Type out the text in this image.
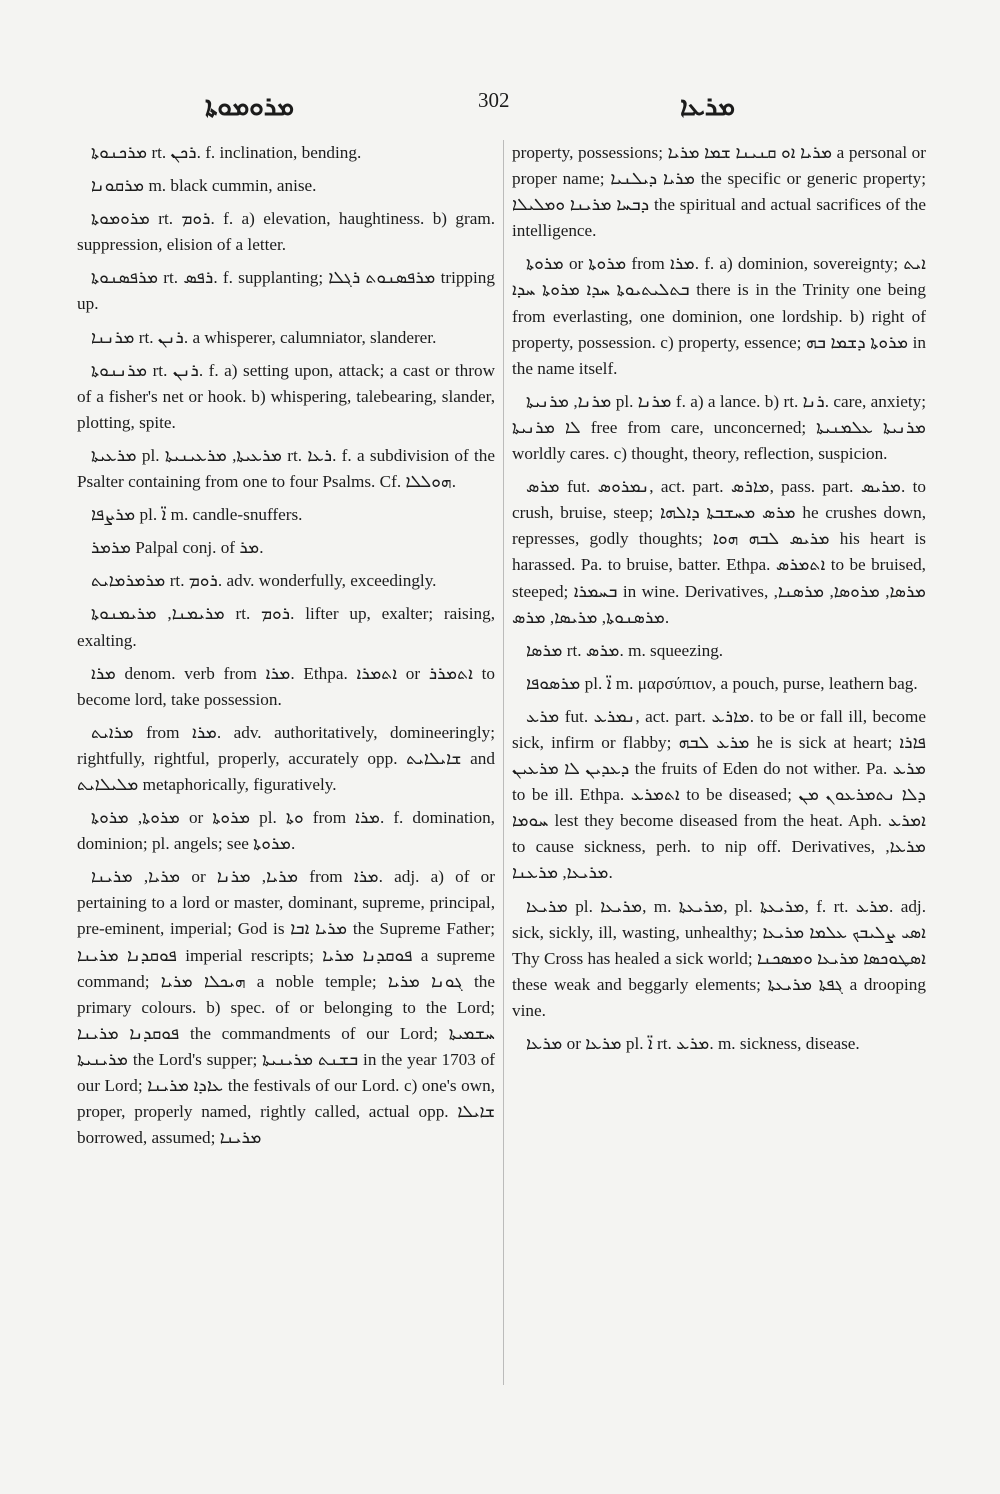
ܡܪܘܡܘܬܐ	302	ܡܪܥܐ

ܡܪܟܢܘܬܐ rt. ܪܟܢ. f. inclination, bending.

ܡܪܩܘܢܐ m. black cummin, anise.

ܡܪܘܡܘܬܐ rt. ܪܘܡ. f. a) elevation, haughtiness. b) gram. suppression, elision of a letter.

ܡܪܦܣܢܘܬܐ rt. ܪܦܣ. f. supplanting; ܡܪܦܣܢܘܬ ܪܓܠܐ tripping up.

ܡܪܢܢܐ rt. ܪܢܢ. a whisperer, calumniator, slanderer.

ܡܪܢܢܘܬܐ rt. ܪܢܢ. f. a) setting upon, attack; a cast or throw of a fisher's net or hook. b) whispering, talebearing, slander, plotting, spite.

ܡܪܥܝܬܐ pl. ܡܪܥܝܬܐ, ܡܪܥܝܢܝܬܐ rt. ܪܥܐ. f. a subdivision of the Psalter containing from one to four Psalms. Cf. ܗܘܠܠܐ.

ܡܪܨܦܐ pl. ܐ̈ m. candle-snuffers.

ܡܪܡܪ Palpal conj. of ܡܪ.

ܡܪܡܪܡܐܝܬ rt. ܪܘܡ. adv. wonderfully, exceedingly.

ܡܪܝܡܢܐ, ܡܪܝܡܢܘܬܐ rt. ܪܘܡ. lifter up, exalter; raising, exalting.

ܡܪܐ denom. verb from ܡܪܐ. Ethpa. ܐܬܡܪܐ or ܐܬܡܪܪ to become lord, take possession.

ܡܪܐܝܬ from ܡܪܐ. adv. authoritatively, domineeringly; rightfully, rightful, properly, accurately opp. ܫܐܝܠܐܝܬ and ܡܠܝܠܐܝܬ metaphorically, figuratively.

ܡܪܘܬܐ, ܡܪܘܬܐ or ܡܪܘܬܐ pl. ܘܬܐ from ܡܪܐ. f. domination, dominion; pl. angels; see ܡܪܘܬܐ.

ܡܪܝܐ, ܡܪܝܢܐ or ܡܪܝܐ, ܡܪܢܐ from ܡܪܐ. adj. a) of or pertaining to a lord or master, dominant, supreme, principal, pre-eminent, imperial; God is ܡܪܝܐ ܐܒܐ the Supreme Father; ܦܘܩܕܢܐ ܡܪܝܢܐ imperial rescripts; ܦܘܩܕܢܐ ܡܪܝܐ a supreme command; ܗܝܟܠܐ ܡܪܝܐ a noble temple; ܓܘܢܐ ܡܪܝܐ the primary colours. b) spec. of or belonging to the Lord; ܦܘܩܕܢܐ ܡܪܝܢܐ the commandments of our Lord; ܚܫܡܝܬܐ ܡܪܝܢܝܬܐ the Lord's supper; ܒܫܢܬ ܡܪܝܢܝܬܐ in the year 1703 of our Lord; ܥܐܕܐ ܡܪܝܢܐ the festivals of our Lord. c) one's own, proper, properly named, rightly called, actual opp. ܫܐܝܠܐ borrowed, assumed; ܡܪܝܢܐ

property, possessions; ܡܪܝܐ ܐܘ ܩܢܝܢܐ ܫܡܐ ܡܪܝܐ a personal or proper name; ܡܪܝܐ ܕܝܠܢܝܐ the specific or generic property; ܕܒܚܐ ܡܪܝܢܐ ܘܡܠܝܠܐ the spiritual and actual sacrifices of the intelligence.

ܡܪܘܬܐ or ܡܪܘܬܐ from ܡܪܐ. f. a) dominion, sovereignty; ܐܝܬ ܒܬܠܝܬܝܘܬܐ ܚܕܐ ܡܪܘܬܐ ܚܕܐ there is in the Trinity one being from everlasting, one dominion, one lordship. b) right of property, possession. c) property, essence; ܡܪܘܬܐ ܕܫܡܐ ܒܗ in the name itself.

ܡܪܢܐ, ܡܪܢܝܬܐ pl. ܡܪܢܐ f. a) a lance. b) rt. ܪܢܐ. care, anxiety; ܠܐ ܡܪܢܝܬܐ free from care, unconcerned; ܡܪܢܝܬܐ ܥܠܡܢܝܬܐ worldly cares. c) thought, theory, reflection, suspicion.

ܡܪܣ fut. ܢܡܪܘܣ, act. part. ܡܐܪܣ, pass. part. ܡܪܝܣ. to crush, bruise, steep; ܡܪܣ ܡܚܫܒܬܐ ܕܐܠܗܐ he crushes down, represses, godly thoughts; ܡܪܝܣ ܠܒܗ ܗܘܐ his heart is harassed. Pa. to bruise, batter. Ethpa. ܐܬܡܪܣ to be bruised, steeped; ܒܚܡܪܐ in wine. Derivatives, ܡܪܣܐ, ܡܪܘܣܐ, ܡܪܣܢܐ, ܡܪܣܢܘܬܐ, ܡܪܝܣܐ, ܡܪܣ.

ܡܪܣܐ rt. ܡܪܣ. m. squeezing.

ܡܪܣܘܦܐ pl. ܐ̈ m. μαρσύπιον, a pouch, purse, leathern bag.

ܡܪܥ fut. ܢܡܪܥ, act. part. ܡܐܪܥ. to be or fall ill, become sick, infirm or flabby; ܡܪܥ ܠܒܗ he is sick at heart; ܦܐܪܐ ܕܥܕܝܢ ܠܐ ܡܪܥܝܢ the fruits of Eden do not wither. Pa. ܡܪܥ to be ill. Ethpa. ܐܬܡܪܥ to be diseased; ܕܠܐ ܢܬܡܪܥܘܢ ܡܢ ܚܘܡܐ lest they become diseased from the heat. Aph. ܐܡܪܥ to cause sickness, perh. to nip off. Derivatives, ܡܪܥܐ, ܡܪܝܥܐ, ܡܪܥܢܐ.

ܡܪܝܥܐ pl. ܡܪܝܥܐ, m. ܡܪܝܥܬܐ, pl. ܡܪܝܥܬܐ, f. rt. ܡܪܥ. adj. sick, sickly, ill, wasting, unhealthy; ܐܣܝ ܨܠܝܒܟ ܥܠܡܐ ܡܪܝܥܐ Thy Cross has healed a sick world; ܐܣܛܘܟܣܐ ܡܪܝܥܐ ܘܡܣܟܢܐ these weak and beggarly elements; ܓܦܬܐ ܡܪܝܥܬܐ a drooping vine.

ܡܪܥܐ or ܡܪܥܐ pl. ܐ̈ rt. ܡܪܥ. m. sickness, disease.
